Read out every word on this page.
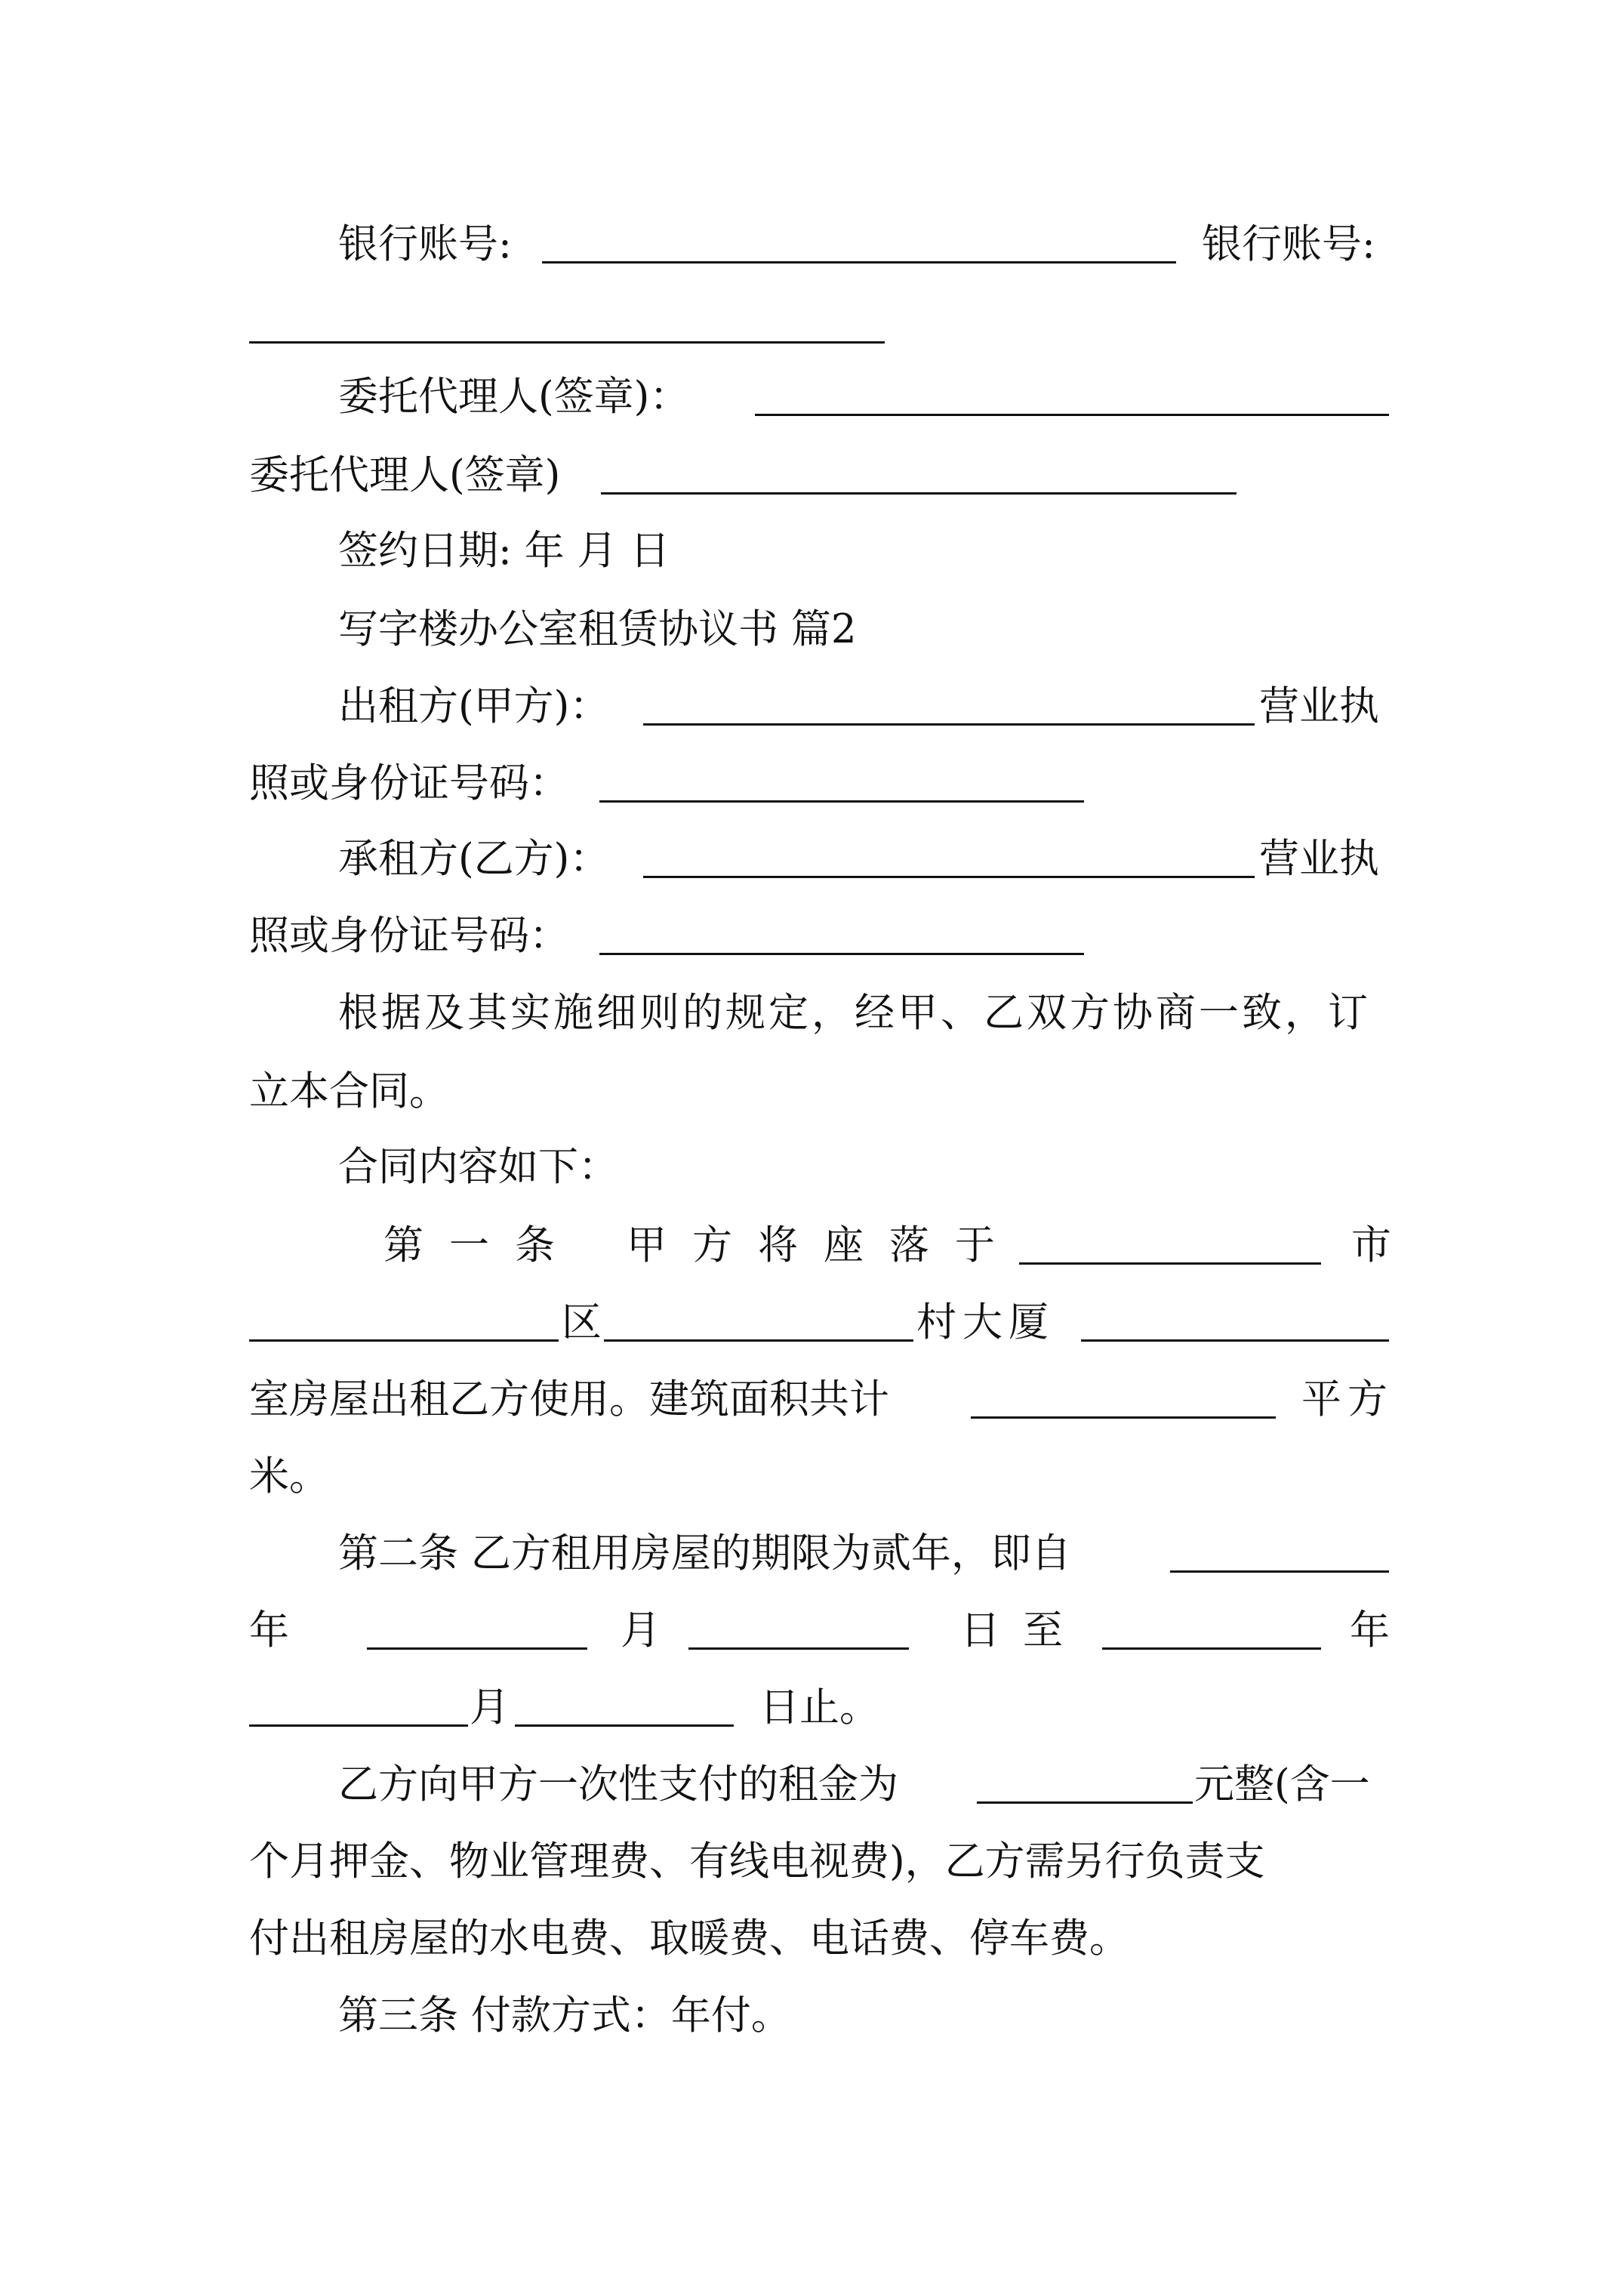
银行账号:	银行账号:
委托代理人(签章)：
委托代理人(签章)
签约日期: 年 月 日
写字楼办公室租赁协议书 篇2
出租方(甲方)：	营业执
照或身份证号码：
承租方(乙方)：	营业执
照或身份证号码：
根据及其实施细则的规定，经甲、乙双方协商一致，订
立本合同。
合同内容如下：
第一条 甲方将座落于	市
区	村大厦
室房屋出租乙方使用。建筑面积共计	平方
米。
第二条 乙方租用房屋的期限为贰年，即自
年	月	日至	年
月	日止。
乙方向甲方一次性支付的租金为	元整(含一
个月押金、物业管理费、有线电视费)，乙方需另行负责支
付出租房屋的水电费、取暖费、电话费、停车费。
第三条 付款方式：年付。
